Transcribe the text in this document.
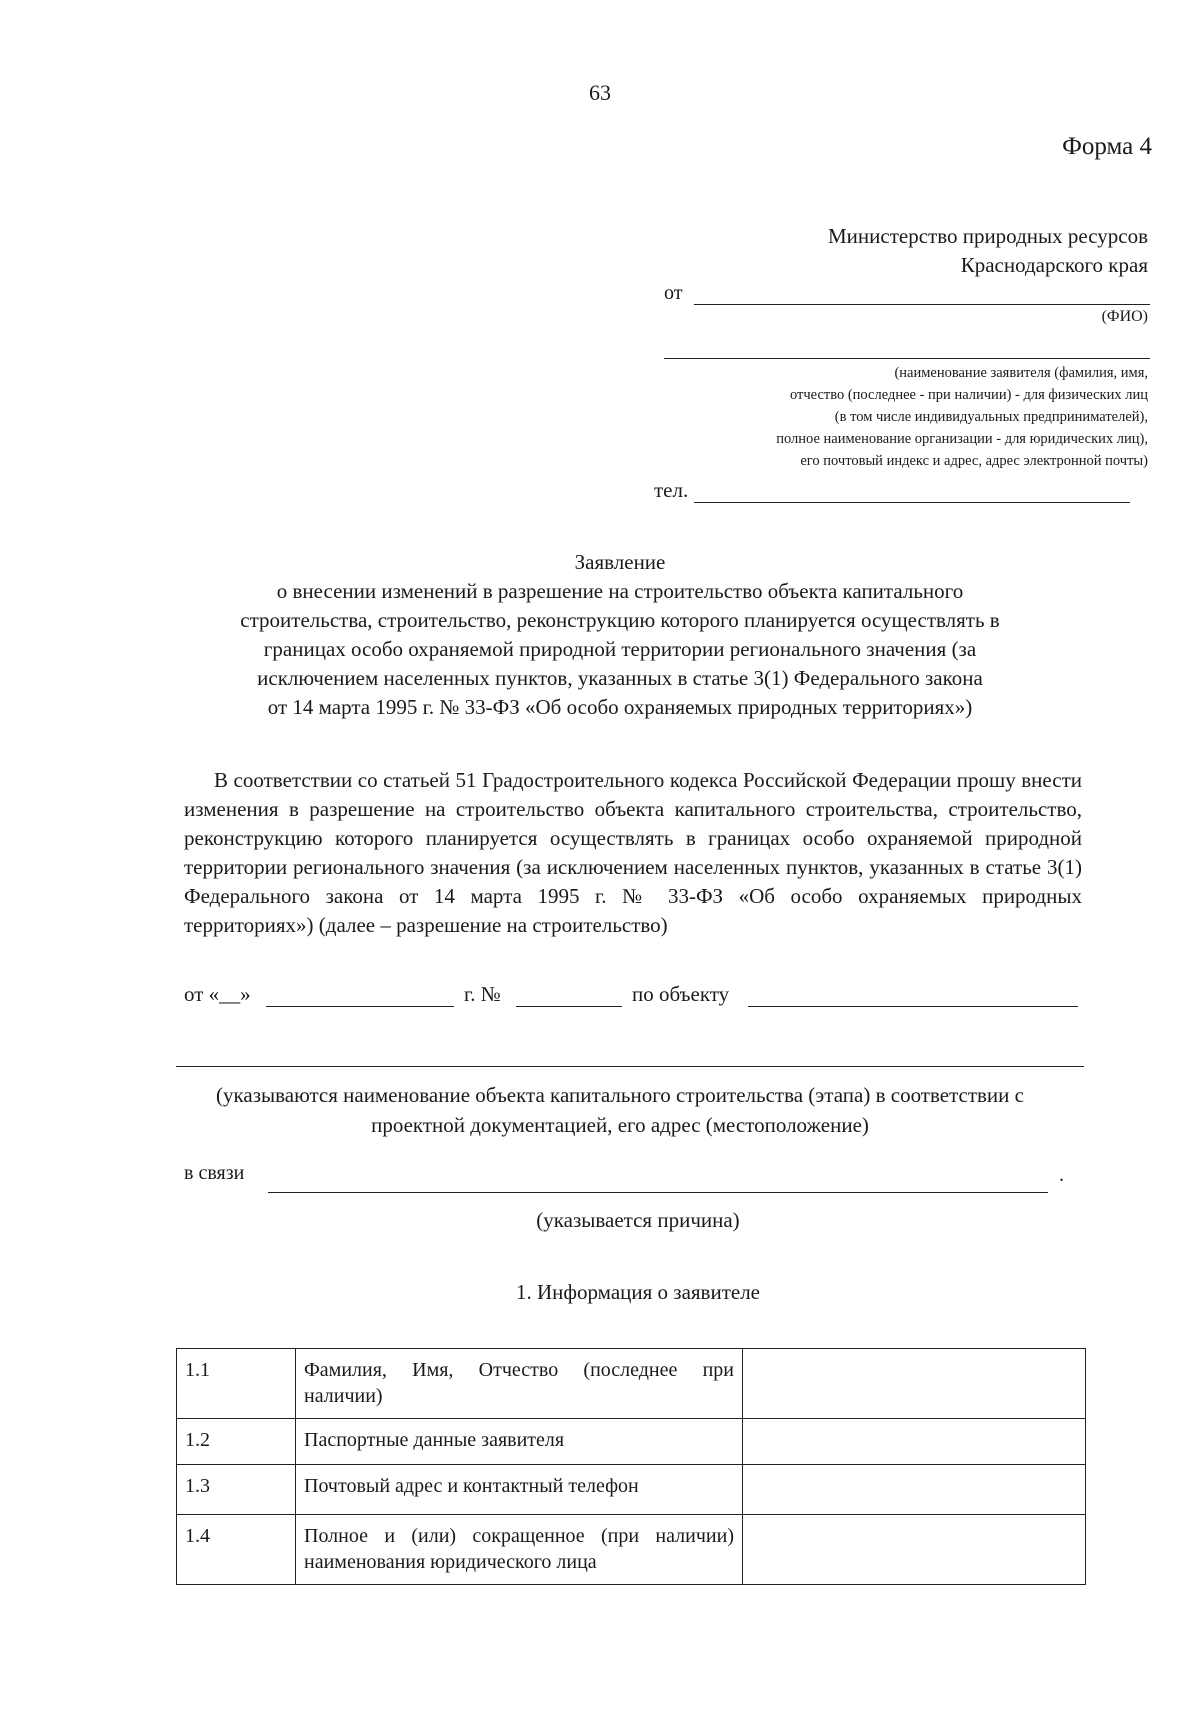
63
Форма 4
Министерство природных ресурсов
Краснодарского края
от
(ФИО)
(наименование заявителя (фамилия, имя,
отчество (последнее - при наличии) - для физических лиц
(в том числе индивидуальных предпринимателей),
полное наименование организации - для юридических лиц),
его почтовый индекс и адрес, адрес электронной почты)
тел.
Заявление
о внесении изменений в разрешение на строительство объекта капитального
строительства, строительство, реконструкцию которого планируется осуществлять в
границах особо охраняемой природной территории регионального значения (за
исключением населенных пунктов, указанных в статье 3(1) Федерального закона
от 14 марта 1995 г. № 33-ФЗ «Об особо охраняемых природных территориях»)
В соответствии со статьей 51 Градостроительного кодекса Российской Федерации прошу внести изменения в разрешение на строительство объекта капитального строительства, строительство, реконструкцию которого планируется осуществлять в границах особо охраняемой природной территории регионального значения (за исключением населенных пунктов, указанных в статье 3(1) Федерального закона от 14 марта 1995 г. № 33-ФЗ «Об особо охраняемых природных территориях») (далее – разрешение на строительство)
от «__»	г. №	по объекту
(указываются наименование объекта капитального строительства (этапа) в соответствии с проектной документацией, его адрес (местоположение)
в связи	.
(указывается причина)
1. Информация о заявителе
1.1	Фамилия, Имя, Отчество (последнее при наличии)	
1.2	Паспортные данные заявителя	
1.3	Почтовый адрес и контактный телефон	
1.4	Полное и (или) сокращенное (при наличии) наименования юридического лица	
